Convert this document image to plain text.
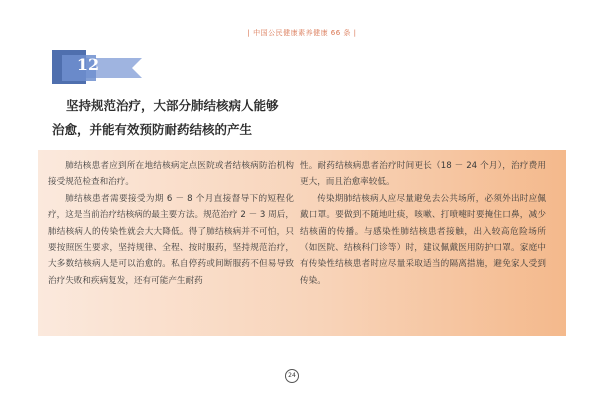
| 中国公民健康素养健康 66 条 |
12
坚持规范治疗，大部分肺结核病人能够
治愈，并能有效预防耐药结核的产生

肺结核患者应到所在地结核病定点医院或者结核病防治机构接受规范检查和治疗。

肺结核患者需要接受为期 6 － 8 个月直接督导下的短程化疗，这是当前治疗结核病的最主要方法。规范治疗 2 － 3 周后，肺结核病人的传染性就会大大降低。得了肺结核病并不可怕，只要按照医生要求，坚持规律、全程、按时服药，坚持规范治疗，大多数结核病人是可以治愈的。私自停药或间断服药不但易导致治疗失败和疾病复发，还有可能产生耐药

性。耐药结核病患者治疗时间更长（18 － 24 个月），治疗费用更大，而且治愈率较低。

传染期肺结核病人应尽量避免去公共场所，必须外出时应佩戴口罩。要做到不随地吐痰，咳嗽、打喷嚏时要掩住口鼻，减少结核菌的传播。与感染性肺结核患者接触，出入较高危险场所（如医院、结核科门诊等）时，建议佩戴医用防护口罩。家庭中有传染性结核患者时应尽量采取适当的隔离措施，避免家人受到传染。

24
